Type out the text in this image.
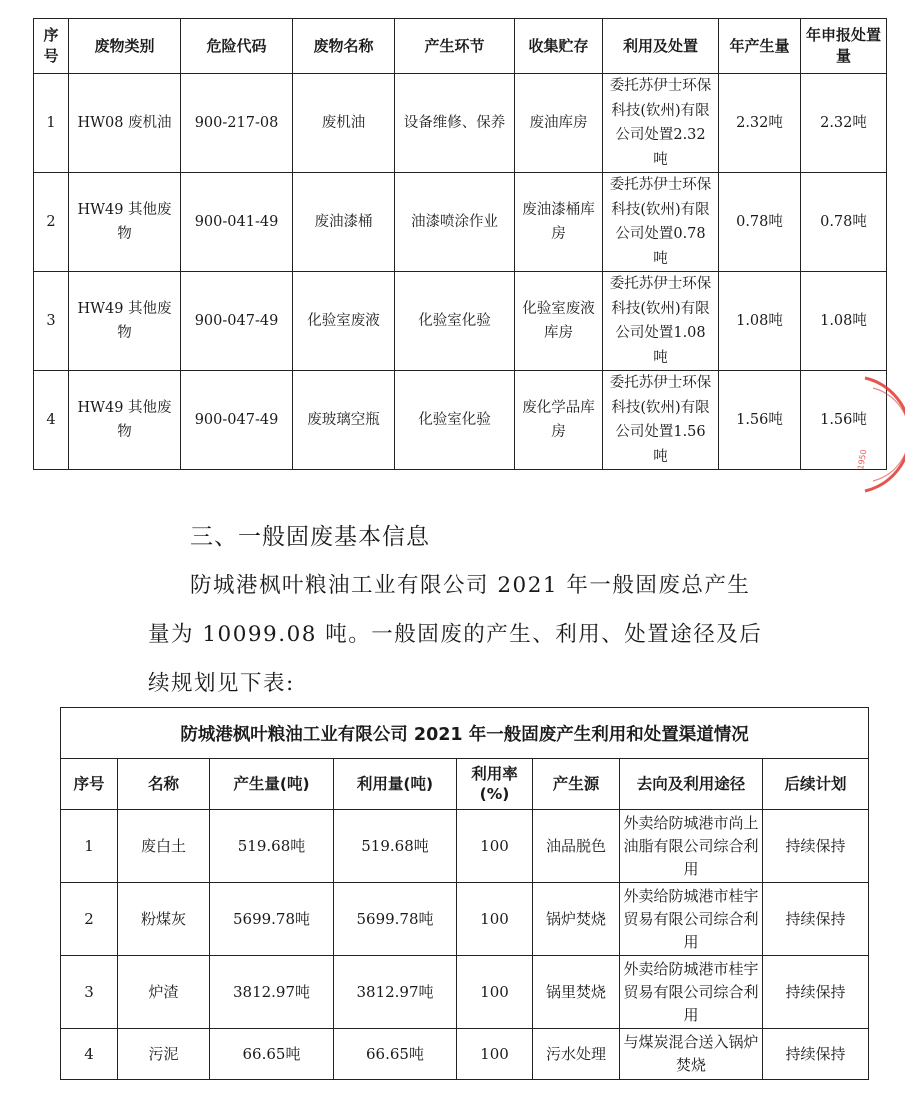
序号	废物类别	危险代码	废物名称	产生环节	收集贮存	利用及处置	年产生量	年申报处置量
1	HW08 废机油	900-217-08	废机油	设备维修、保养	废油库房	委托苏伊士环保科技(钦州)有限公司处置2.32吨	2.32吨	2.32吨
2	HW49 其他废物	900-041-49	废油漆桶	油漆喷涂作业	废油漆桶库房	委托苏伊士环保科技(钦州)有限公司处置0.78吨	0.78吨	0.78吨
3	HW49 其他废物	900-047-49	化验室废液	化验室化验	化验室废液库房	委托苏伊士环保科技(钦州)有限公司处置1.08吨	1.08吨	1.08吨
4	HW49 其他废物	900-047-49	废玻璃空瓶	化验室化验	废化学品库房	委托苏伊士环保科技(钦州)有限公司处置1.56吨	1.56吨	1.56吨
1950
三、一般固废基本信息
防城港枫叶粮油工业有限公司 2021 年一般固废总产生
量为 10099.08 吨。一般固废的产生、利用、处置途径及后
续规划见下表:
防城港枫叶粮油工业有限公司 2021 年一般固废产生利用和处置渠道情况							
序号	名称	产生量(吨)	利用量(吨)	利用率(%)	产生源	去向及利用途径	后续计划
1	废白土	519.68吨	519.68吨	100	油品脱色	外卖给防城港市尚上油脂有限公司综合利用	持续保持
2	粉煤灰	5699.78吨	5699.78吨	100	锅炉焚烧	外卖给防城港市桂宇贸易有限公司综合利用	持续保持
3	炉渣	3812.97吨	3812.97吨	100	锅里焚烧	外卖给防城港市桂宇贸易有限公司综合利用	持续保持
4	污泥	66.65吨	66.65吨	100	污水处理	与煤炭混合送入锅炉焚烧	持续保持
